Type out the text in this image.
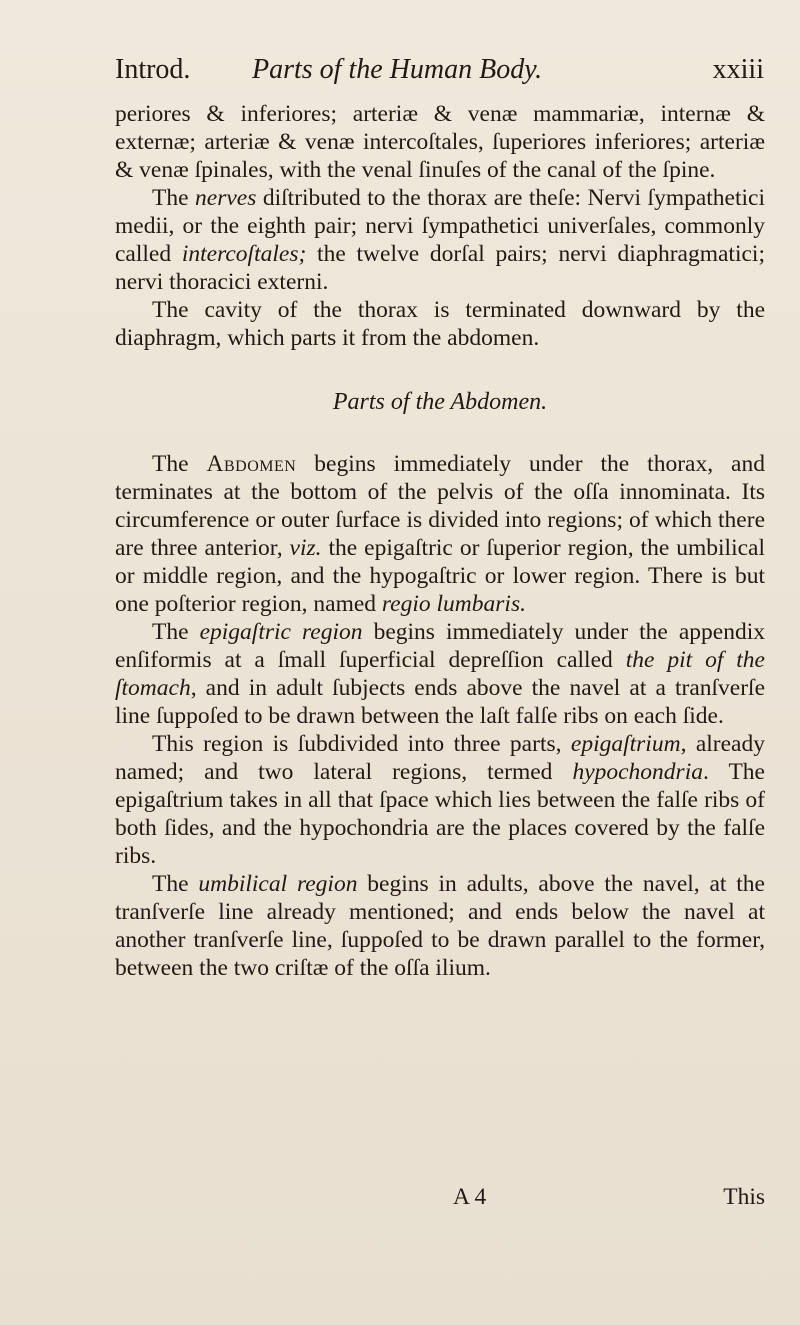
Introd. Parts of the Human Body.	xxiii

periores & inferiores; arteriæ & venæ mammariæ, internæ & externæ; arteriæ & venæ intercoſtales, ſuperiores inferiores; arteriæ & venæ ſpinales, with the venal ſinuſes of the canal of the ſpine.

The nerves diſtributed to the thorax are theſe: Nervi ſympathetici medii, or the eighth pair; nervi ſympathetici univerſales, commonly called intercoſtales; the twelve dorſal pairs; nervi diaphragmatici; nervi thoracici externi.

The cavity of the thorax is terminated downward by the diaphragm, which parts it from the abdomen.

Parts of the Abdomen.

The Abdomen begins immediately under the thorax, and terminates at the bottom of the pelvis of the oſſa innominata. Its circumference or outer ſurface is divided into regions; of which there are three anterior, viz. the epigaſtric or ſuperior region, the umbilical or middle region, and the hypogaſtric or lower region. There is but one poſterior region, named regio lumbaris.

The epigaſtric region begins immediately under the appendix enſiformis at a ſmall ſuperficial depreſſion called the pit of the ſtomach, and in adult ſubjects ends above the navel at a tranſverſe line ſuppoſed to be drawn between the laſt falſe ribs on each ſide.

This region is ſubdivided into three parts, epigaſtrium, already named; and two lateral regions, termed hypochondria. The epigaſtrium takes in all that ſpace which lies between the falſe ribs of both ſides, and the hypochondria are the places covered by the falſe ribs.

The umbilical region begins in adults, above the navel, at the tranſverſe line already mentioned; and ends below the navel at another tranſverſe line, ſuppoſed to be drawn parallel to the former, between the two criſtæ of the oſſa ilium.

A 4	This
